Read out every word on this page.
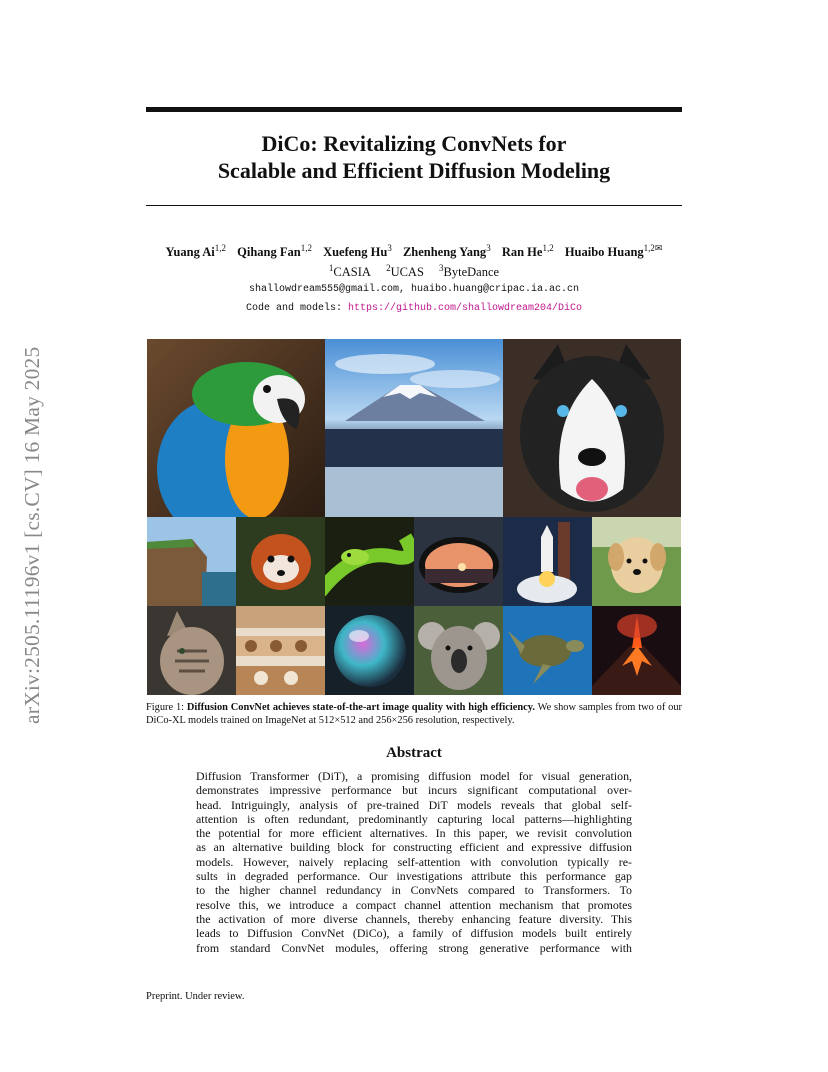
arXiv:2505.11196v1 [cs.CV] 16 May 2025
DiCo: Revitalizing ConvNets for
Scalable and Efficient Diffusion Modeling
Yuang Ai$^{1,2}$ Qihang Fan$^{1,2}$ Xuefeng Hu$^3$ Zhenheng Yang$^3$ Ran He$^{1,2}$ Huaibo Huang$^{1,2✉}$
$^1$CASIA $^2$UCAS $^3$ByteDance
shallowdream555@gmail.com, huaibo.huang@cripac.ia.ac.cn
Code and models: https://github.com/shallowdream204/DiCo
Figure 1: Diffusion ConvNet achieves state-of-the-art image quality with high efficiency. We show samples from two of our DiCo-XL models trained on ImageNet at 512×512 and 256×256 resolution, respectively.
Abstract
Diffusion Transformer (DiT), a promising diffusion model for visual generation,
demonstrates impressive performance but incurs significant computational over-
head. Intriguingly, analysis of pre-trained DiT models reveals that global self-
attention is often redundant, predominantly capturing local patterns—highlighting
the potential for more efficient alternatives. In this paper, we revisit convolution
as an alternative building block for constructing efficient and expressive diffusion
models. However, naively replacing self-attention with convolution typically re-
sults in degraded performance. Our investigations attribute this performance gap
to the higher channel redundancy in ConvNets compared to Transformers. To
resolve this, we introduce a compact channel attention mechanism that promotes
the activation of more diverse channels, thereby enhancing feature diversity. This
leads to Diffusion ConvNet (DiCo), a family of diffusion models built entirely
from standard ConvNet modules, offering strong generative performance with
Preprint. Under review.
